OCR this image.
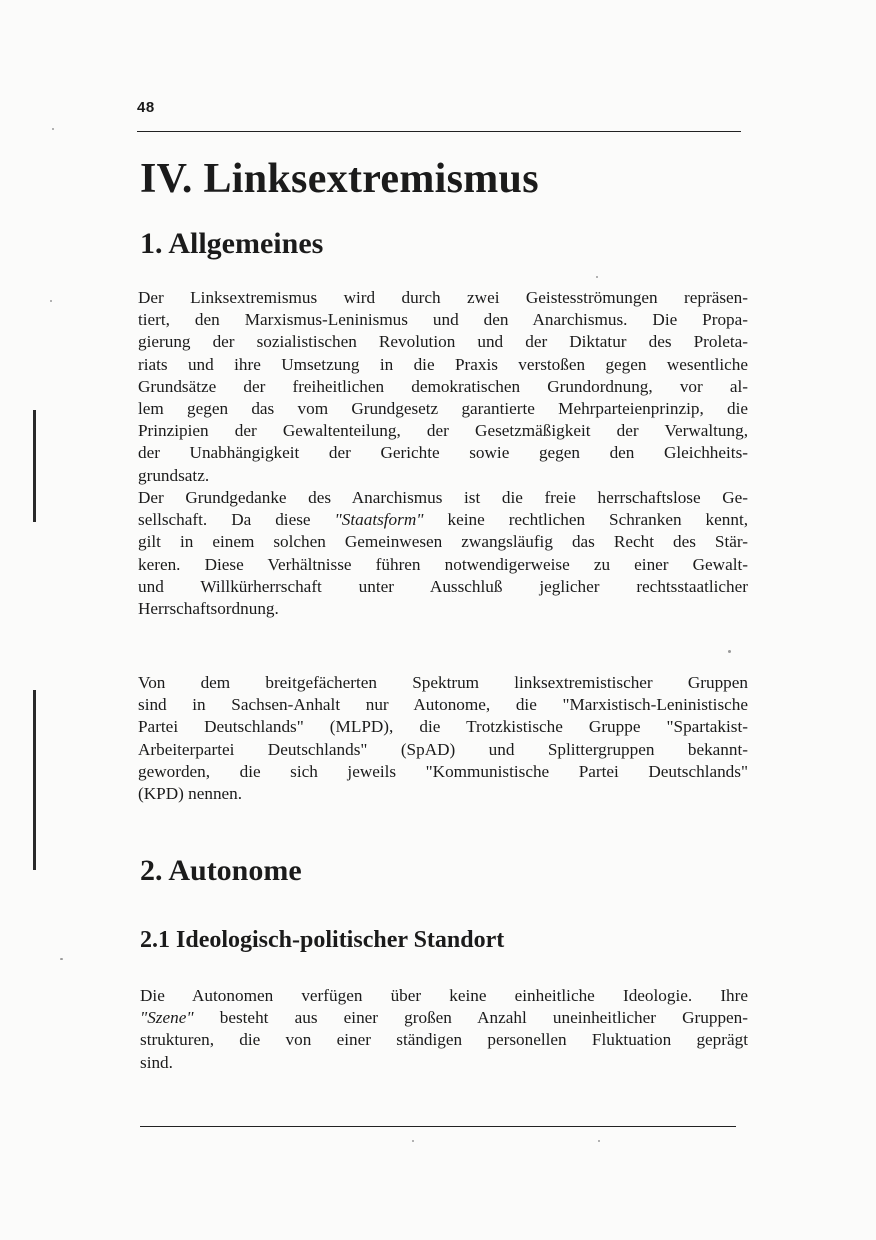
48
IV. Linksextremismus
1. Allgemeines

Der Linksextremismus wird durch zwei Geistesströmungen repräsen-
tiert, den Marxismus-Leninismus und den Anarchismus. Die Propa-
gierung der sozialistischen Revolution und der Diktatur des Proleta-
riats und ihre Umsetzung in die Praxis verstoßen gegen wesentliche
Grundsätze der freiheitlichen demokratischen Grundordnung, vor al-
lem gegen das vom Grundgesetz garantierte Mehrparteienprinzip, die
Prinzipien der Gewaltenteilung, der Gesetzmäßigkeit der Verwaltung,
der Unabhängigkeit der Gerichte sowie gegen den Gleichheits-
grundsatz.

Der Grundgedanke des Anarchismus ist die freie herrschaftslose Ge-
sellschaft. Da diese "Staatsform" keine rechtlichen Schranken kennt,
gilt in einem solchen Gemeinwesen zwangsläufig das Recht des Stär-
keren. Diese Verhältnisse führen notwendigerweise zu einer Gewalt-
und Willkürherrschaft unter Ausschluß jeglicher rechtsstaatlicher
Herrschaftsordnung.

Von dem breitgefächerten Spektrum linksextremistischer Gruppen
sind in Sachsen-Anhalt nur Autonome, die "Marxistisch-Leninistische
Partei Deutschlands" (MLPD), die Trotzkistische Gruppe "Spartakist-
Arbeiterpartei Deutschlands" (SpAD) und Splittergruppen bekannt-
geworden, die sich jeweils "Kommunistische Partei Deutschlands"
(KPD) nennen.

2. Autonome
2.1 Ideologisch-politischer Standort

Die Autonomen verfügen über keine einheitliche Ideologie. Ihre
"Szene" besteht aus einer großen Anzahl uneinheitlicher Gruppen-
strukturen, die von einer ständigen personellen Fluktuation geprägt
sind.
